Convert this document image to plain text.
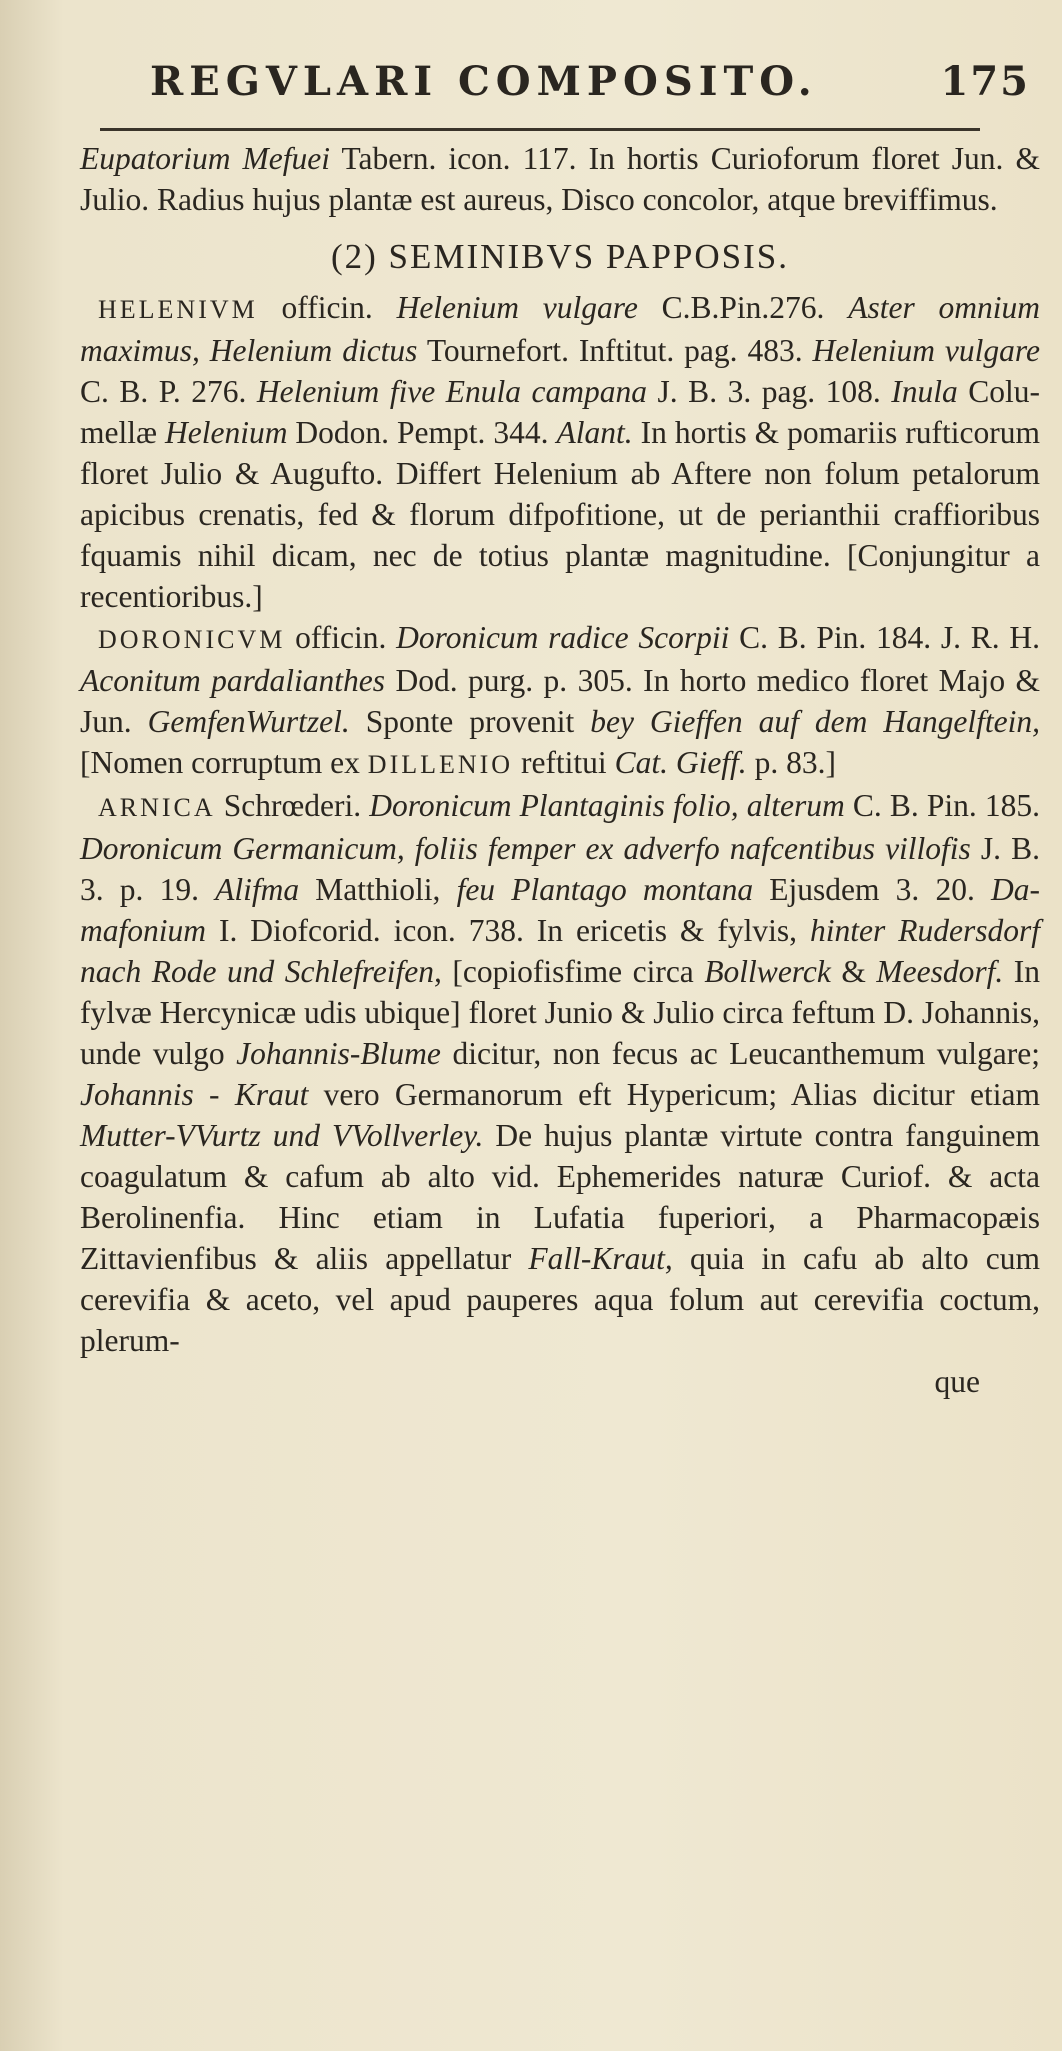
REGVLARI COMPOSITO.	175

Eupatorium Mefuei Tabern. icon. 117. In hortis Curioforum floret Jun. & Julio. Radius hujus plantæ est aureus, Disco concolor, atque breviffimus.

(2) SEMINIBVS PAPPOSIS.

HELENIVM officin. Helenium vulgare C.B.Pin.276. Aster omnium maximus, Helenium dictus Tournefort. Inftitut. pag. 483. Helenium vulgare C. B. P. 276. Helenium five Enula campana J. B. 3. pag. 108. Inula Columellæ Helenium Dodon. Pempt. 344. Alant. In hortis & pomariis rufticorum floret Julio & Augufto. Differt Helenium ab Aftere non folum petalorum apicibus crenatis, fed & florum difpofitione, ut de perianthii craffioribus fquamis nihil dicam, nec de totius plantæ magnitudine. [Conjungitur a recentioribus.]

DORONICVM officin. Doronicum radice Scorpii C. B. Pin. 184. J. R. H. Aconitum pardalianthes Dod. purg. p. 305. In horto medico floret Majo & Jun. GemfenWurtzel. Sponte provenit bey Gieffen auf dem Hangelftein, [Nomen corruptum ex DILLENIO reftitui Cat. Gieff. p. 83.]

ARNICA Schrœderi. Doronicum Plantaginis folio, alterum C. B. Pin. 185. Doronicum Germanicum, foliis femper ex adverfo nafcentibus villofis J. B. 3. p. 19. Alifma Matthioli, feu Plantago montana Ejusdem 3. 20. Damafonium I. Diofcorid. icon. 738. In ericetis & fylvis, hinter Rudersdorf nach Rode und Schlefreifen, [copiofisfime circa Bollwerck & Meesdorf. In fylvæ Hercynicæ udis ubique] floret Junio & Julio circa feftum D. Johannis, unde vulgo Johannis-Blume dicitur, non fecus ac Leucanthemum vulgare; Johannis - Kraut vero Germanorum eft Hypericum; Alias dicitur etiam Mutter-VVurtz und VVollverley. De hujus plantæ virtute contra fanguinem coagulatum & cafum ab alto vid. Ephemerides naturæ Curiof. & acta Berolinenfia. Hinc etiam in Lufatia fuperiori, a Pharmacopæis Zittavienfibus & aliis appellatur Fall-Kraut, quia in cafu ab alto cum cerevifia & aceto, vel apud pauperes aqua folum aut cerevifia coctum, plerum-

que
